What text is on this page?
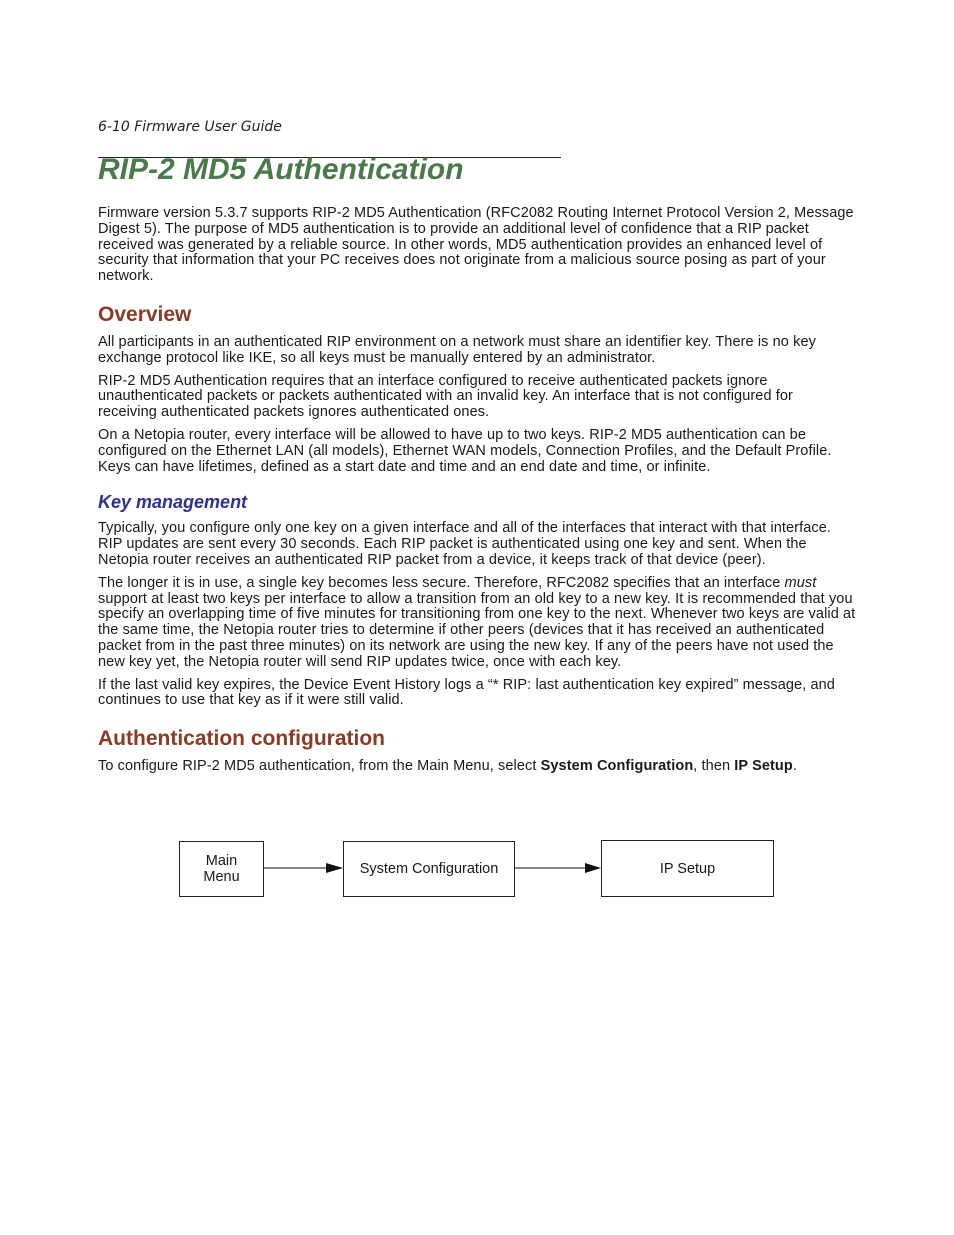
6-10 Firmware User Guide
RIP-2 MD5 Authentication

Firmware version 5.3.7 supports RIP-2 MD5 Authentication (RFC2082 Routing Internet Protocol Version 2, Message Digest 5). The purpose of MD5 authentication is to provide an additional level of confidence that a RIP packet received was generated by a reliable source. In other words, MD5 authentication provides an enhanced level of security that information that your PC receives does not originate from a malicious source posing as part of your network.

Overview

All participants in an authenticated RIP environment on a network must share an identifier key. There is no key exchange protocol like IKE, so all keys must be manually entered by an administrator.

RIP-2 MD5 Authentication requires that an interface configured to receive authenticated packets ignore unauthenticated packets or packets authenticated with an invalid key. An interface that is not configured for receiving authenticated packets ignores authenticated ones.

On a Netopia router, every interface will be allowed to have up to two keys. RIP-2 MD5 authentication can be configured on the Ethernet LAN (all models), Ethernet WAN models, Connection Profiles, and the Default Profile. Keys can have lifetimes, defined as a start date and time and an end date and time, or infinite.

Key management

Typically, you configure only one key on a given interface and all of the interfaces that interact with that interface. RIP updates are sent every 30 seconds. Each RIP packet is authenticated using one key and sent. When the Netopia router receives an authenticated RIP packet from a device, it keeps track of that device (peer).

The longer it is in use, a single key becomes less secure. Therefore, RFC2082 specifies that an interface must support at least two keys per interface to allow a transition from an old key to a new key. It is recommended that you specify an overlapping time of five minutes for transitioning from one key to the next. Whenever two keys are valid at the same time, the Netopia router tries to determine if other peers (devices that it has received an authenticated packet from in the past three minutes) on its network are using the new key. If any of the peers have not used the new key yet, the Netopia router will send RIP updates twice, once with each key.

If the last valid key expires, the Device Event History logs a “* RIP: last authentication key expired” message, and continues to use that key as if it were still valid.

Authentication configuration

To configure RIP-2 MD5 authentication, from the Main Menu, select System Configuration, then IP Setup.

Main
Menu	System Configuration	IP Setup
